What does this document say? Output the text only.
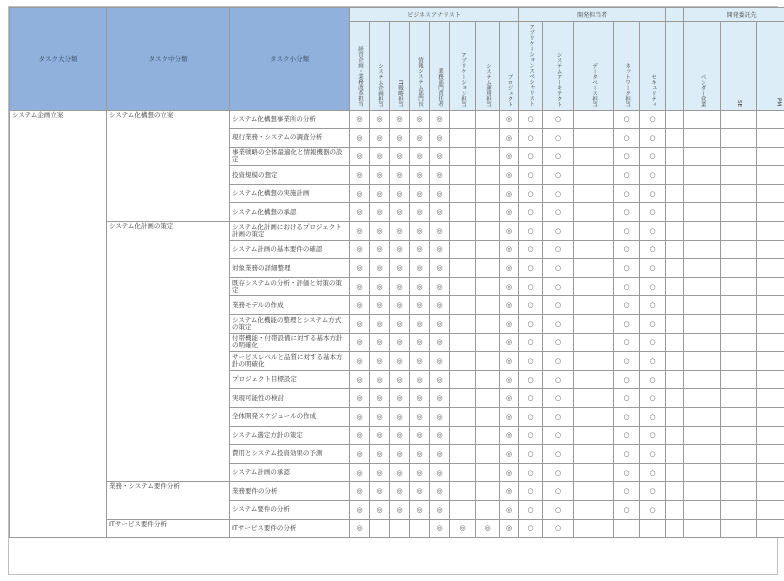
タスク大分類	タスク中分類	タスク小分類	ビジネスアナリスト								開発担当者						開発委託先		

			経営企画・業務改革担当	システム企画担当	IT戦略担当	情報システム部門長	業務部門責任者	アプリケーション担当	システム運用担当	プロジェクト	アプリケーションスペシャリスト	システムアーキテクト	データベース担当	ネットワーク担当	セキュリティ		ベンダー営業	SE	PM

システム企画立案	システム化構想の立案	システム化構想事業所の分析	◎	◎	◎	◎	◎			◎	○	○		○	○				
		現行業務・システムの調査分析	◎	◎	◎	◎	◎			◎	○	○		○	○				
		事業戦略の全体最適化と情報機器の設定	◎	◎	◎	◎	◎			◎	○	○		○	○				
		投資規模の想定	◎	◎	◎	◎	◎			◎	○	○		○	○				
		システム化構想の実施計画	◎	◎	◎	◎	◎			◎	○	○		○	○				
		システム化構想の承認	◎	◎	◎	◎	◎			◎	○	○		○	○				
	システム化計画の策定	システム化計画におけるプロジェクト計画の策定	◎	◎	◎	◎	◎			◎	○	○		○	○				
		システム計画の基本要件の確認	◎	◎	◎	◎	◎			◎	○	○		○	○				
		対象業務の詳細整理	◎	◎	◎	◎	◎			◎	○	○		○	○				
		既存システムの分析・評価と対策の策定	◎	◎	◎	◎	◎			◎	○	○		○	○				
		業務モデルの作成	◎	◎	◎	◎	◎			◎	○	○		○	○				
		システム化機能の整理とシステム方式の策定	◎	◎	◎	◎	◎			◎	○	○		○	○				
		付帯機能・付帯設備に対する基本方針の明確化	◎	◎	◎	◎	◎			◎	○	○		○	○				
		サービスレベルと品質に対する基本方針の明確化	◎	◎	◎	◎	◎			◎	○	○		○	○				
		プロジェクト目標設定	◎	◎	◎	◎	◎			◎	○	○		○	○				
		実現可能性の検討	◎	◎	◎	◎	◎			◎	○	○		○	○				
		全体開発スケジュールの作成	◎	◎	◎	◎	◎			◎	○	○		○	○				
		システム選定方針の策定	◎	◎	◎	◎	◎			◎	○	○		○	○				
		費用とシステム投資効果の予測	◎	◎	◎	◎	◎			◎	○	○		○	○				
		システム計画の承認	◎	◎	◎	◎	◎			◎	○	○		○	○				
	業務・システム要件分析	業務要件の分析	◎	◎	◎	◎	◎			◎	○	○		○	○				
		システム要件の分析	◎	◎	◎	◎	◎			◎	○	○		○	○				
	ITサービス要件分析	ITサービス要件の分析	◎				◎	◎	◎	◎	○	○							
